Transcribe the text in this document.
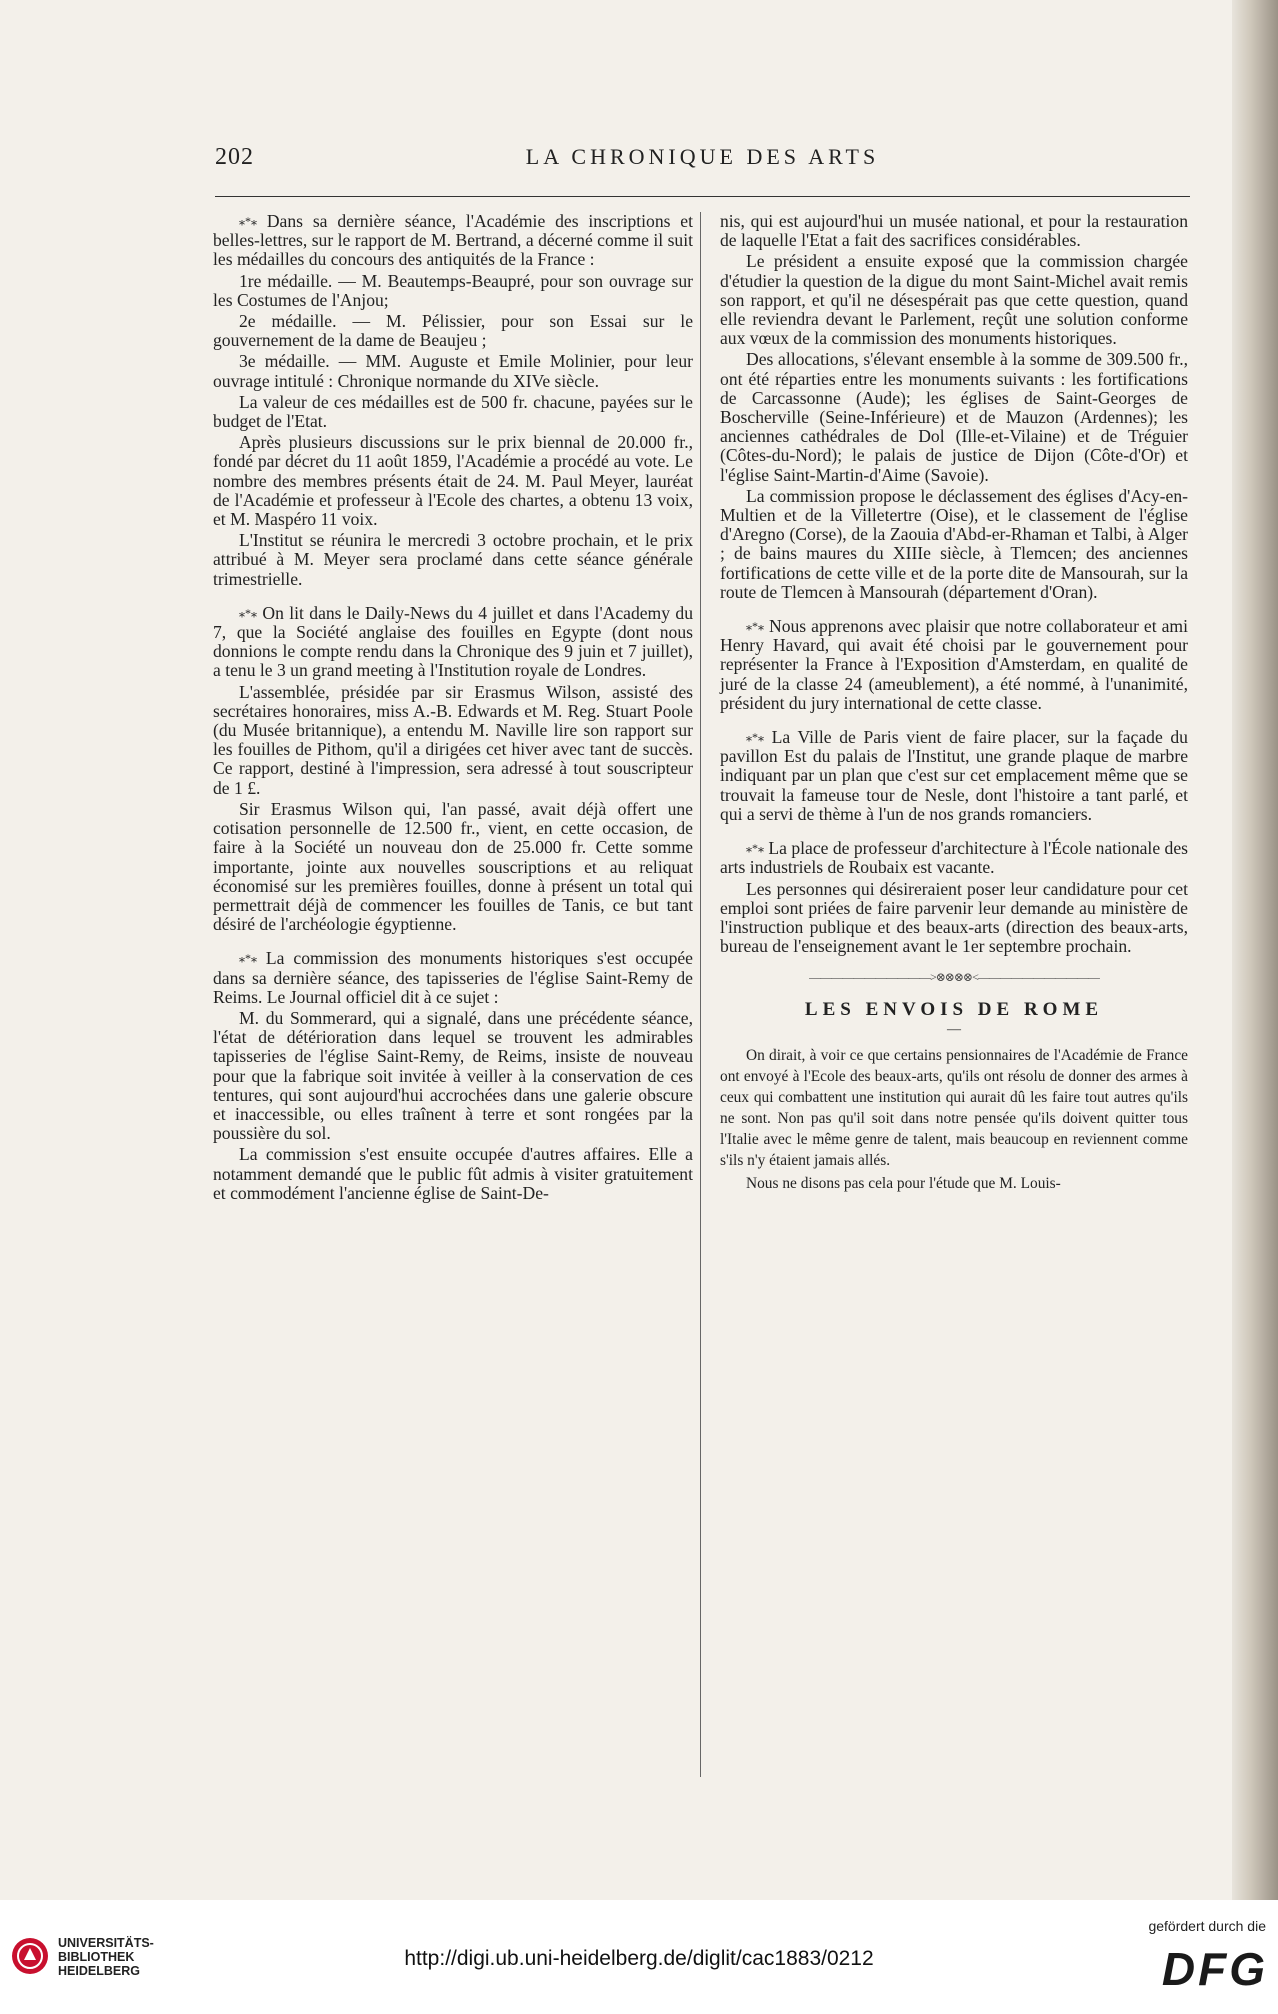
202	LA CHRONIQUE DES ARTS

⁎*⁎ Dans sa dernière séance, l'Académie des inscriptions et belles-lettres, sur le rapport de M. Bertrand, a décerné comme il suit les médailles du concours des antiquités de la France :

1re médaille. — M. Beautemps-Beaupré, pour son ouvrage sur les Costumes de l'Anjou;

2e médaille. — M. Pélissier, pour son Essai sur le gouvernement de la dame de Beaujeu ;

3e médaille. — MM. Auguste et Emile Molinier, pour leur ouvrage intitulé : Chronique normande du XIVe siècle.

La valeur de ces médailles est de 500 fr. chacune, payées sur le budget de l'Etat.

Après plusieurs discussions sur le prix biennal de 20.000 fr., fondé par décret du 11 août 1859, l'Académie a procédé au vote. Le nombre des membres présents était de 24. M. Paul Meyer, lauréat de l'Académie et professeur à l'Ecole des chartes, a obtenu 13 voix, et M. Maspéro 11 voix.

L'Institut se réunira le mercredi 3 octobre prochain, et le prix attribué à M. Meyer sera proclamé dans cette séance générale trimestrielle.

⁎*⁎ On lit dans le Daily-News du 4 juillet et dans l'Academy du 7, que la Société anglaise des fouilles en Egypte (dont nous donnions le compte rendu dans la Chronique des 9 juin et 7 juillet), a tenu le 3 un grand meeting à l'Institution royale de Londres.

L'assemblée, présidée par sir Erasmus Wilson, assisté des secrétaires honoraires, miss A.-B. Edwards et M. Reg. Stuart Poole (du Musée britannique), a entendu M. Naville lire son rapport sur les fouilles de Pithom, qu'il a dirigées cet hiver avec tant de succès. Ce rapport, destiné à l'impression, sera adressé à tout souscripteur de 1 £.

Sir Erasmus Wilson qui, l'an passé, avait déjà offert une cotisation personnelle de 12.500 fr., vient, en cette occasion, de faire à la Société un nouveau don de 25.000 fr. Cette somme importante, jointe aux nouvelles souscriptions et au reliquat économisé sur les premières fouilles, donne à présent un total qui permettrait déjà de commencer les fouilles de Tanis, ce but tant désiré de l'archéologie égyptienne.

⁎*⁎ La commission des monuments historiques s'est occupée dans sa dernière séance, des tapisseries de l'église Saint-Remy de Reims. Le Journal officiel dit à ce sujet :

M. du Sommerard, qui a signalé, dans une précédente séance, l'état de détérioration dans lequel se trouvent les admirables tapisseries de l'église Saint-Remy, de Reims, insiste de nouveau pour que la fabrique soit invitée à veiller à la conservation de ces tentures, qui sont aujourd'hui accrochées dans une galerie obscure et inaccessible, ou elles traînent à terre et sont rongées par la poussière du sol.

La commission s'est ensuite occupée d'autres affaires. Elle a notamment demandé que le public fût admis à visiter gratuitement et commodément l'ancienne église de Saint-De-

nis, qui est aujourd'hui un musée national, et pour la restauration de laquelle l'Etat a fait des sacrifices considérables.

Le président a ensuite exposé que la commission chargée d'étudier la question de la digue du mont Saint-Michel avait remis son rapport, et qu'il ne désespérait pas que cette question, quand elle reviendra devant le Parlement, reçût une solution conforme aux vœux de la commission des monuments historiques.

Des allocations, s'élevant ensemble à la somme de 309.500 fr., ont été réparties entre les monuments suivants : les fortifications de Carcassonne (Aude); les églises de Saint-Georges de Boscherville (Seine-Inférieure) et de Mauzon (Ardennes); les anciennes cathédrales de Dol (Ille-et-Vilaine) et de Tréguier (Côtes-du-Nord); le palais de justice de Dijon (Côte-d'Or) et l'église Saint-Martin-d'Aime (Savoie).

La commission propose le déclassement des églises d'Acy-en-Multien et de la Villetertre (Oise), et le classement de l'église d'Aregno (Corse), de la Zaouia d'Abd-er-Rhaman et Talbi, à Alger ; de bains maures du XIIIe siècle, à Tlemcen; des anciennes fortifications de cette ville et de la porte dite de Mansourah, sur la route de Tlemcen à Mansourah (département d'Oran).

⁎*⁎ Nous apprenons avec plaisir que notre collaborateur et ami Henry Havard, qui avait été choisi par le gouvernement pour représenter la France à l'Exposition d'Amsterdam, en qualité de juré de la classe 24 (ameublement), a été nommé, à l'unanimité, président du jury international de cette classe.

⁎*⁎ La Ville de Paris vient de faire placer, sur la façade du pavillon Est du palais de l'Institut, une grande plaque de marbre indiquant par un plan que c'est sur cet emplacement même que se trouvait la fameuse tour de Nesle, dont l'histoire a tant parlé, et qui a servi de thème à l'un de nos grands romanciers.

⁎*⁎ La place de professeur d'architecture à l'École nationale des arts industriels de Roubaix est vacante.

Les personnes qui désireraient poser leur candidature pour cet emploi sont priées de faire parvenir leur demande au ministère de l'instruction publique et des beaux-arts (direction des beaux-arts, bureau de l'enseignement avant le 1er septembre prochain.

———————————>⊗⊗⊗⊗<———————————
LES ENVOIS DE ROME
—

On dirait, à voir ce que certains pensionnaires de l'Académie de France ont envoyé à l'Ecole des beaux-arts, qu'ils ont résolu de donner des armes à ceux qui combattent une institution qui aurait dû les faire tout autres qu'ils ne sont. Non pas qu'il soit dans notre pensée qu'ils doivent quitter tous l'Italie avec le même genre de talent, mais beaucoup en reviennent comme s'ils n'y étaient jamais allés.

Nous ne disons pas cela pour l'étude que M. Louis-

UNIVERSITÄTS-
BIBLIOTHEK
HEIDELBERG
http://digi.ub.uni-heidelberg.de/diglit/cac1883/0212
gefördert durch die
DFG
